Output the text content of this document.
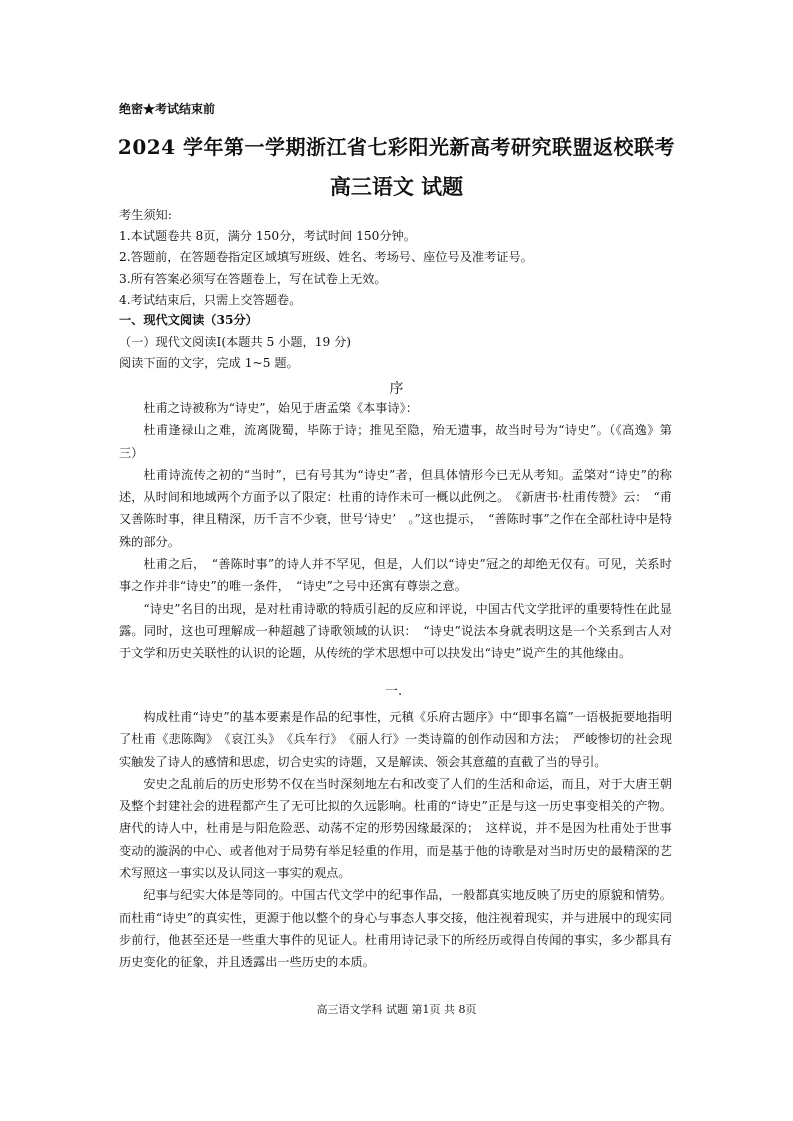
绝密★考试结束前
2024 学年第一学期浙江省七彩阳光新高考研究联盟返校联考
高三语文 试题
考生须知:
1.本试题卷共 8页，满分 150分，考试时间 150分钟。
2.答题前，在答题卷指定区域填写班级、姓名、考场号、座位号及准考证号。
3.所有答案必须写在答题卷上，写在试卷上无效。
4.考试结束后，只需上交答题卷。
一、现代文阅读（35分）
（一）现代文阅读Ⅰ(本题共 5 小题，19 分)
阅读下面的文字，完成 1~5 题。
序

杜甫之诗被称为“诗史”，始见于唐孟棨《本事诗》：

杜甫逢禄山之难，流离陇蜀，毕陈于诗；推见至隐，殆无遗事，故当时号为“诗史”。（《高逸》第三）

杜甫诗流传之初的“当时”，已有号其为“诗史”者，但具体情形今已无从考知。孟棨对“诗史”的称述，从时间和地域两个方面予以了限定：杜甫的诗作未可一概以此例之。　《新唐书·杜甫传赞》云：　“甫又善陈时事，律且精深，历千言不少衰，世号‘诗史’　。”这也提示，　“善陈时事”之作在全部杜诗中是特殊的部分。

杜甫之后，　“善陈时事”的诗人并不罕见，但是，人们以“诗史”冠之的却绝无仅有。可见，关系时事之作并非“诗史”的唯一条件，　“诗史”之号中还寓有尊崇之意。

“诗史”名目的出现，是对杜甫诗歌的特质引起的反应和评说，中国古代文学批评的重要特性在此显露。同时，这也可理解成一种超越了诗歌领域的认识：　“诗史”说法本身就表明这是一个关系到古人对于文学和历史关联性的认识的论题，从传统的学术思想中可以抉发出“诗史”说产生的其他缘由。

一.

构成杜甫“诗史”的基本要素是作品的纪事性，元稹《乐府古题序》中“即事名篇”一语极扼要地指明了杜甫《悲陈陶》　《哀江头》　《兵车行》　《丽人行》一类诗篇的创作动因和方法；　严峻惨切的社会现实触发了诗人的感情和思虑，切合史实的诗题，又是解读、领会其意蕴的直截了当的导引。

安史之乱前后的历史形势不仅在当时深刻地左右和改变了人们的生活和命运，而且，对于大唐王朝及整个封建社会的进程都产生了无可比拟的久远影响。杜甫的“诗史”正是与这一历史事变相关的产物。唐代的诗人中，杜甫是与阳危险恶、动荡不定的形势因缘最深的；　这样说，并不是因为杜甫处于世事变动的漩涡的中心、或者他对于局势有举足轻重的作用，而是基于他的诗歌是对当时历史的最精深的艺术写照这一事实以及认同这一事实的观点。

纪事与纪实大体是等同的。中国古代文学中的纪事作品，一般都真实地反映了历史的原貌和情势。而杜甫“诗史”的真实性，更源于他以整个的身心与事态人事交接，他注视着现实，并与进展中的现实同步前行，他甚至还是一些重大事件的见证人。杜甫用诗记录下的所经历或得自传闻的事实，多少都具有历史变化的征象，并且透露出一些历史的本质。

高三语文学科 试题 第1页 共 8页
